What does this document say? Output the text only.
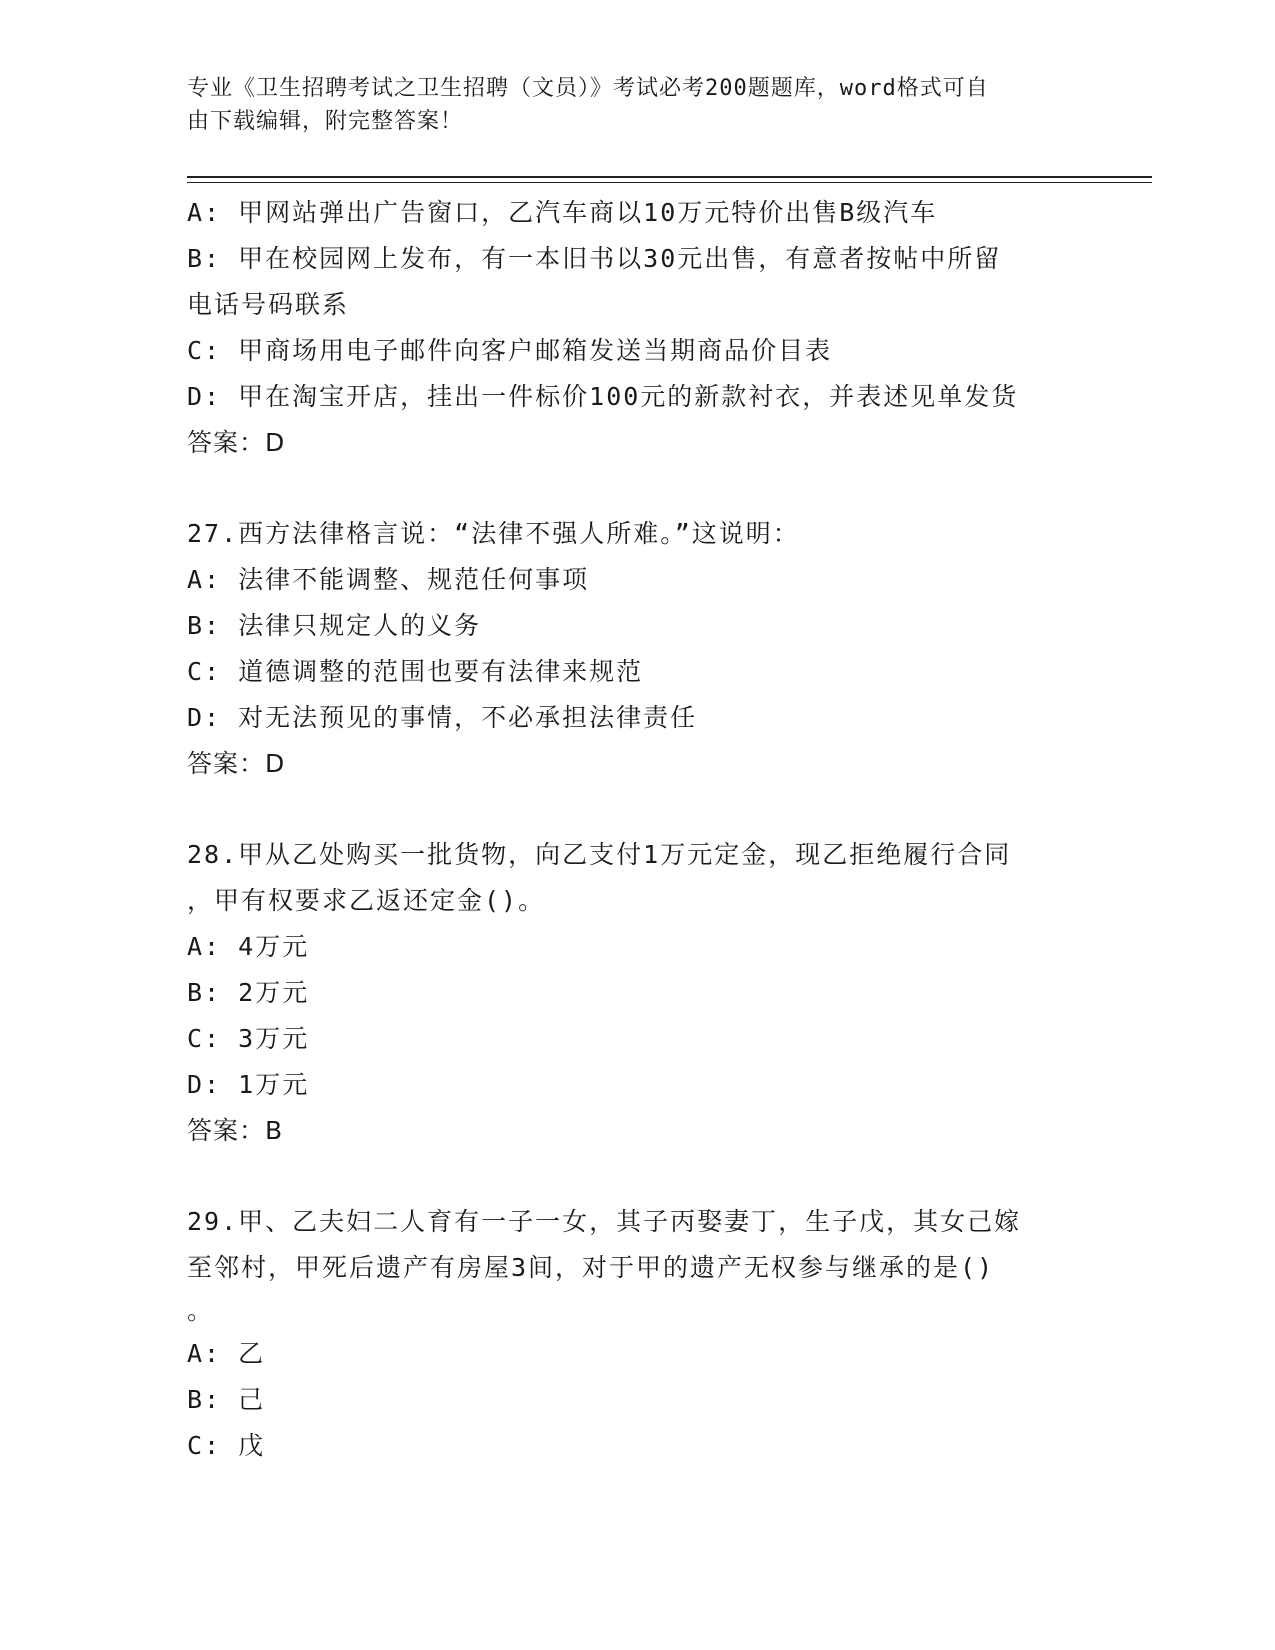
专业《卫生招聘考试之卫生招聘（文员）》考试必考200题题库，word格式可自
由下载编辑，附完整答案！
A: 甲网站弹出广告窗口，乙汽车商以10万元特价出售B级汽车
B: 甲在校园网上发布，有一本旧书以30元出售，有意者按帖中所留
电话号码联系
C: 甲商场用电子邮件向客户邮箱发送当期商品价目表
D: 甲在淘宝开店，挂出一件标价100元的新款衬衣，并表述见单发货
答案：D
27.西方法律格言说：“法律不强人所难。”这说明：
A: 法律不能调整、规范任何事项
B: 法律只规定人的义务
C: 道德调整的范围也要有法律来规范
D: 对无法预见的事情，不必承担法律责任
答案：D
28.甲从乙处购买一批货物，向乙支付1万元定金，现乙拒绝履行合同
，甲有权要求乙返还定金()。
A: 4万元
B: 2万元
C: 3万元
D: 1万元
答案：B
29.甲、乙夫妇二人育有一子一女，其子丙娶妻丁，生子戊，其女己嫁
至邻村，甲死后遗产有房屋3间，对于甲的遗产无权参与继承的是()
。
A: 乙
B: 己
C: 戊
